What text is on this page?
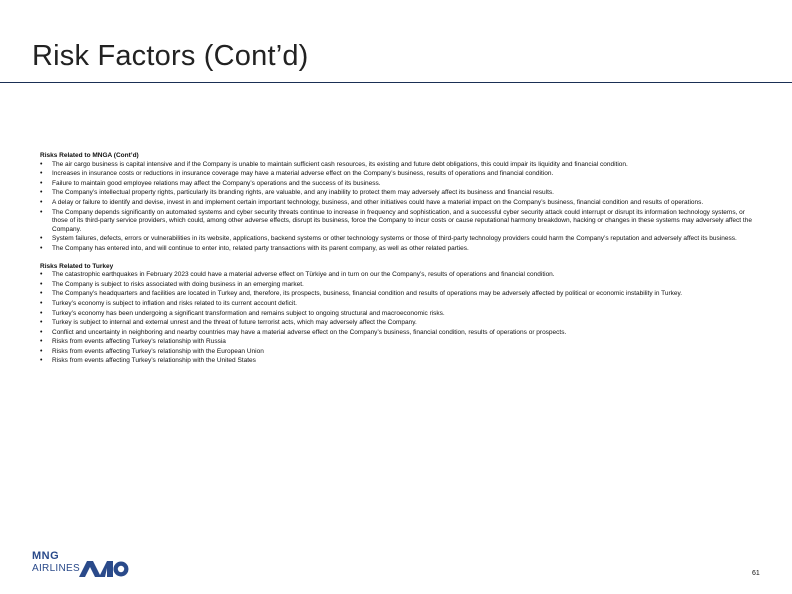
Risk Factors (Cont’d)

Risks Related to MNGA (Cont’d)

• The air cargo business is capital intensive and if the Company is unable to maintain sufficient cash resources, its existing and future debt obligations, this could impair its liquidity and financial condition.
• Increases in insurance costs or reductions in insurance coverage may have a material adverse effect on the Company’s business, results of operations and financial condition.
• Failure to maintain good employee relations may affect the Company’s operations and the success of its business.
• The Company’s intellectual property rights, particularly its branding rights, are valuable, and any inability to protect them may adversely affect its business and financial results.
• A delay or failure to identify and devise, invest in and implement certain important technology, business, and other initiatives could have a material impact on the Company’s business, financial condition and results of operations.
• The Company depends significantly on automated systems and cyber security threats continue to increase in frequency and sophistication, and a successful cyber security attack could interrupt or disrupt its information technology systems, or those of its third-party service providers, which could, among other adverse effects, disrupt its business, force the Company to incur costs or cause reputational harmony breakdown, hacking or changes in these systems may adversely affect the Company.
• System failures, defects, errors or vulnerabilities in its website, applications, backend systems or other technology systems or those of third-party technology providers could harm the Company’s reputation and adversely affect its business.
• The Company has entered into, and will continue to enter into, related party transactions with its parent company, as well as other related parties.

Risks Related to Turkey

• The catastrophic earthquakes in February 2023 could have a material adverse effect on Türkiye and in turn on our the Company’s, results of operations and financial condition.
• The Company is subject to risks associated with doing business in an emerging market.
• The Company’s headquarters and facilities are located in Turkey and, therefore, its prospects, business, financial condition and results of operations may be adversely affected by political or economic instability in Turkey.
• Turkey’s economy is subject to inflation and risks related to its current account deficit.
• Turkey’s economy has been undergoing a significant transformation and remains subject to ongoing structural and macroeconomic risks.
• Turkey is subject to internal and external unrest and the threat of future terrorist acts, which may adversely affect the Company.
• Conflict and uncertainty in neighboring and nearby countries may have a material adverse effect on the Company’s business, financial condition, results of operations or prospects.
• Risks from events affecting Turkey’s relationship with Russia
• Risks from events affecting Turkey’s relationship with the European Union
• Risks from events affecting Turkey’s relationship with the United States
MNG
AIRLINES	61
